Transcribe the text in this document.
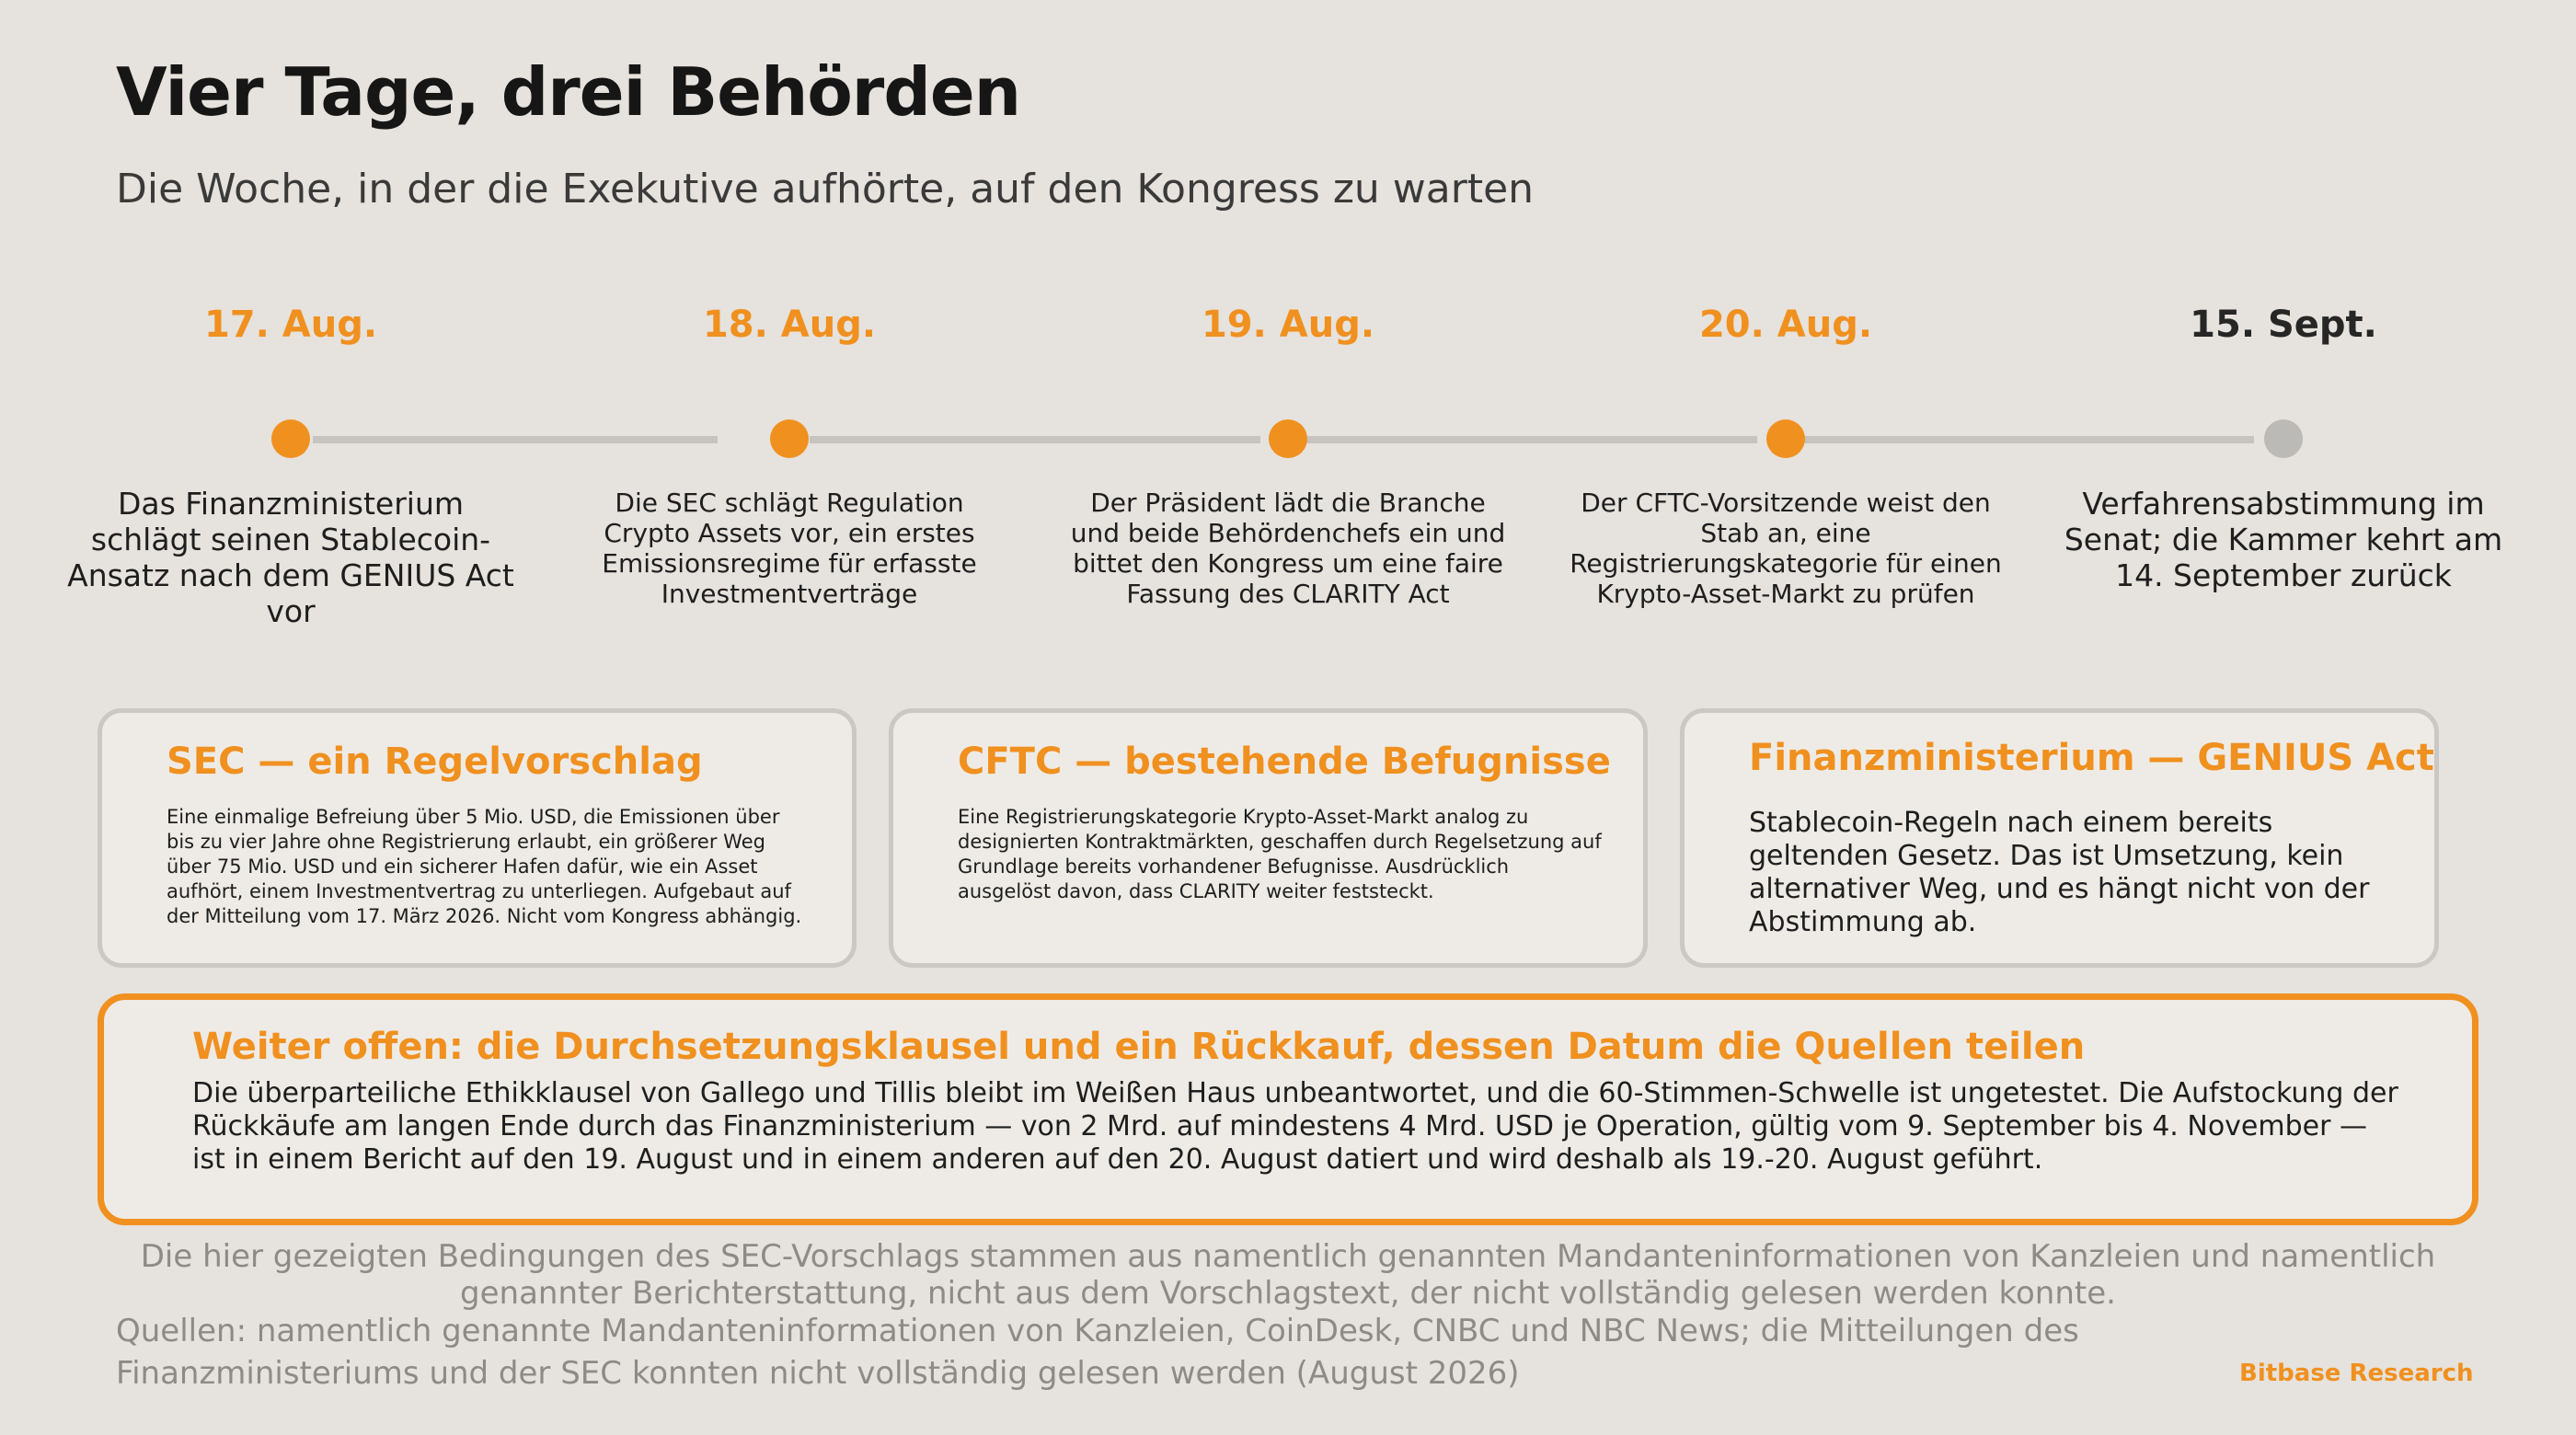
Vier Tage, drei Behörden
Die Woche, in der die Exekutive aufhörte, auf den Kongress zu warten
17. Aug.
Das Finanzministerium schlägt seinen Stablecoin-Ansatz nach dem GENIUS Act vor
18. Aug.
Die SEC schlägt Regulation Crypto Assets vor, ein erstes Emissionsregime für erfasste Investmentverträge
19. Aug.
Der Präsident lädt die Branche und beide Behördenchefs ein und bittet den Kongress um eine faire Fassung des CLARITY Act
20. Aug.
Der CFTC-Vorsitzende weist den Stab an, eine Registrierungskategorie für einen Krypto-Asset-Markt zu prüfen
15. Sept.
Verfahrensabstimmung im Senat; die Kammer kehrt am 14. September zurück
SEC — ein Regelvorschlag
Eine einmalige Befreiung über 5 Mio. USD, die Emissionen über bis zu vier Jahre ohne Registrierung erlaubt, ein größerer Weg über 75 Mio. USD und ein sicherer Hafen dafür, wie ein Asset aufhört, einem Investmentvertrag zu unterliegen. Aufgebaut auf der Mitteilung vom 17. März 2026. Nicht vom Kongress abhängig.
CFTC — bestehende Befugnisse
Eine Registrierungskategorie Krypto-Asset-Markt analog zu designierten Kontraktmärkten, geschaffen durch Regelsetzung auf Grundlage bereits vorhandener Befugnisse. Ausdrücklich ausgelöst davon, dass CLARITY weiter feststeckt.
Finanzministerium — GENIUS Act
Stablecoin-Regeln nach einem bereits geltenden Gesetz. Das ist Umsetzung, kein alternativer Weg, und es hängt nicht von der Abstimmung ab.
Weiter offen: die Durchsetzungsklausel und ein Rückkauf, dessen Datum die Quellen teilen
Die überparteiliche Ethikklausel von Gallego und Tillis bleibt im Weißen Haus unbeantwortet, und die 60-Stimmen-Schwelle ist ungetestet. Die Aufstockung der Rückkäufe am langen Ende durch das Finanzministerium — von 2 Mrd. auf mindestens 4 Mrd. USD je Operation, gültig vom 9. September bis 4. November — ist in einem Bericht auf den 19. August und in einem anderen auf den 20. August datiert und wird deshalb als 19.-20. August geführt.
Die hier gezeigten Bedingungen des SEC-Vorschlags stammen aus namentlich genannten Mandanteninformationen von Kanzleien und namentlich genannter Berichterstattung, nicht aus dem Vorschlagstext, der nicht vollständig gelesen werden konnte.
Quellen: namentlich genannte Mandanteninformationen von Kanzleien, CoinDesk, CNBC und NBC News; die Mitteilungen des Finanzministeriums und der SEC konnten nicht vollständig gelesen werden (August 2026)	Bitbase Research
